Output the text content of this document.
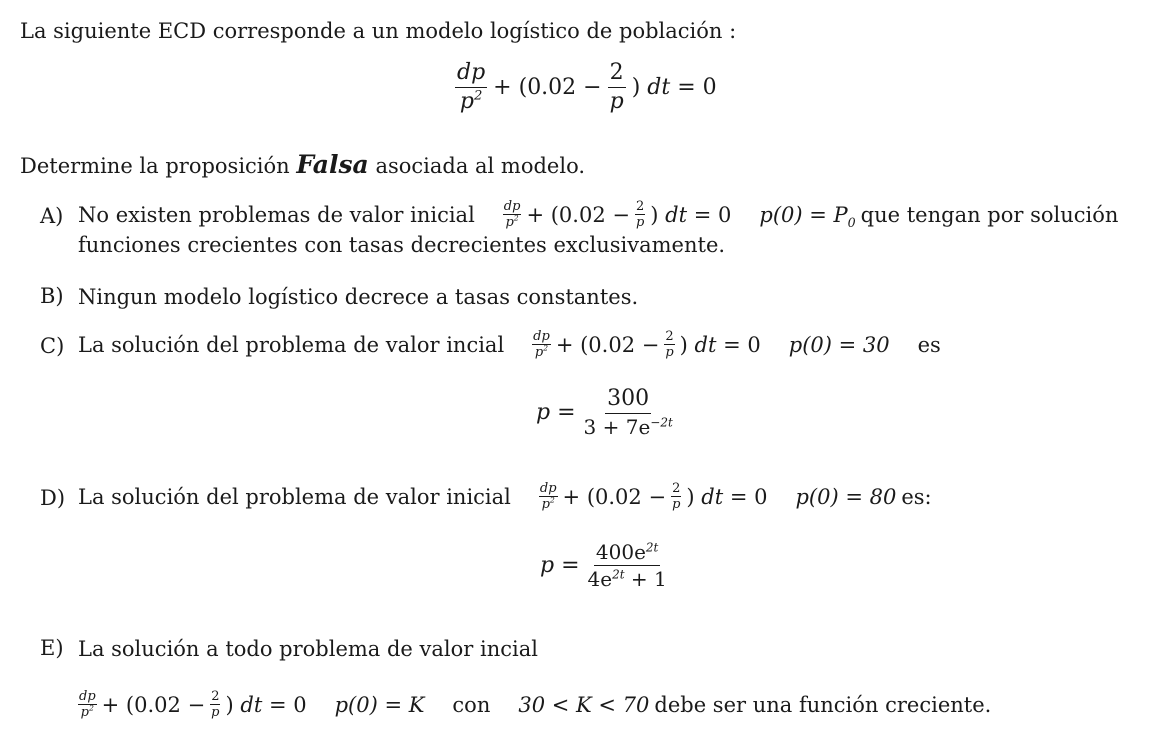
La siguiente ECD corresponde a un modelo logístico de población :
$\frac{dp}{p^2} + (0.02 - \frac{2}{p}$ ) dt = 0
Determine la proposición Falsa asociada al modelo.
A) No existen problemas de valor inicial $\frac{dp}{p^2} + (0.02 - \frac{2}{p}$ ) dt = 0 $p(0) = P_0$ que tengan por solución
funciones crecientes con tasas decrecientes exclusivamente.
B) Ningun modelo logístico decrece a tasas constantes.
C) La solución del problema de valor incial $\frac{dp}{p^2} + (0.02 - \frac{2}{p}$ ) dt = 0 p(0) = 30 es
$p = \frac{300}{3 + 7e^{-2t}}$
D) La solución del problema de valor inicial $\frac{dp}{p^2} + (0.02 - \frac{2}{p}$ ) dt = 0 p(0) = 80 es:
$p = \frac{400e^{2t}}{4e^{2t} + 1}$
E) La solución a todo problema de valor incial
$\frac{dp}{p^2} + (0.02 - \frac{2}{p}$ ) dt = 0 p(0) = K con 30 < K < 70 debe ser una función creciente.
